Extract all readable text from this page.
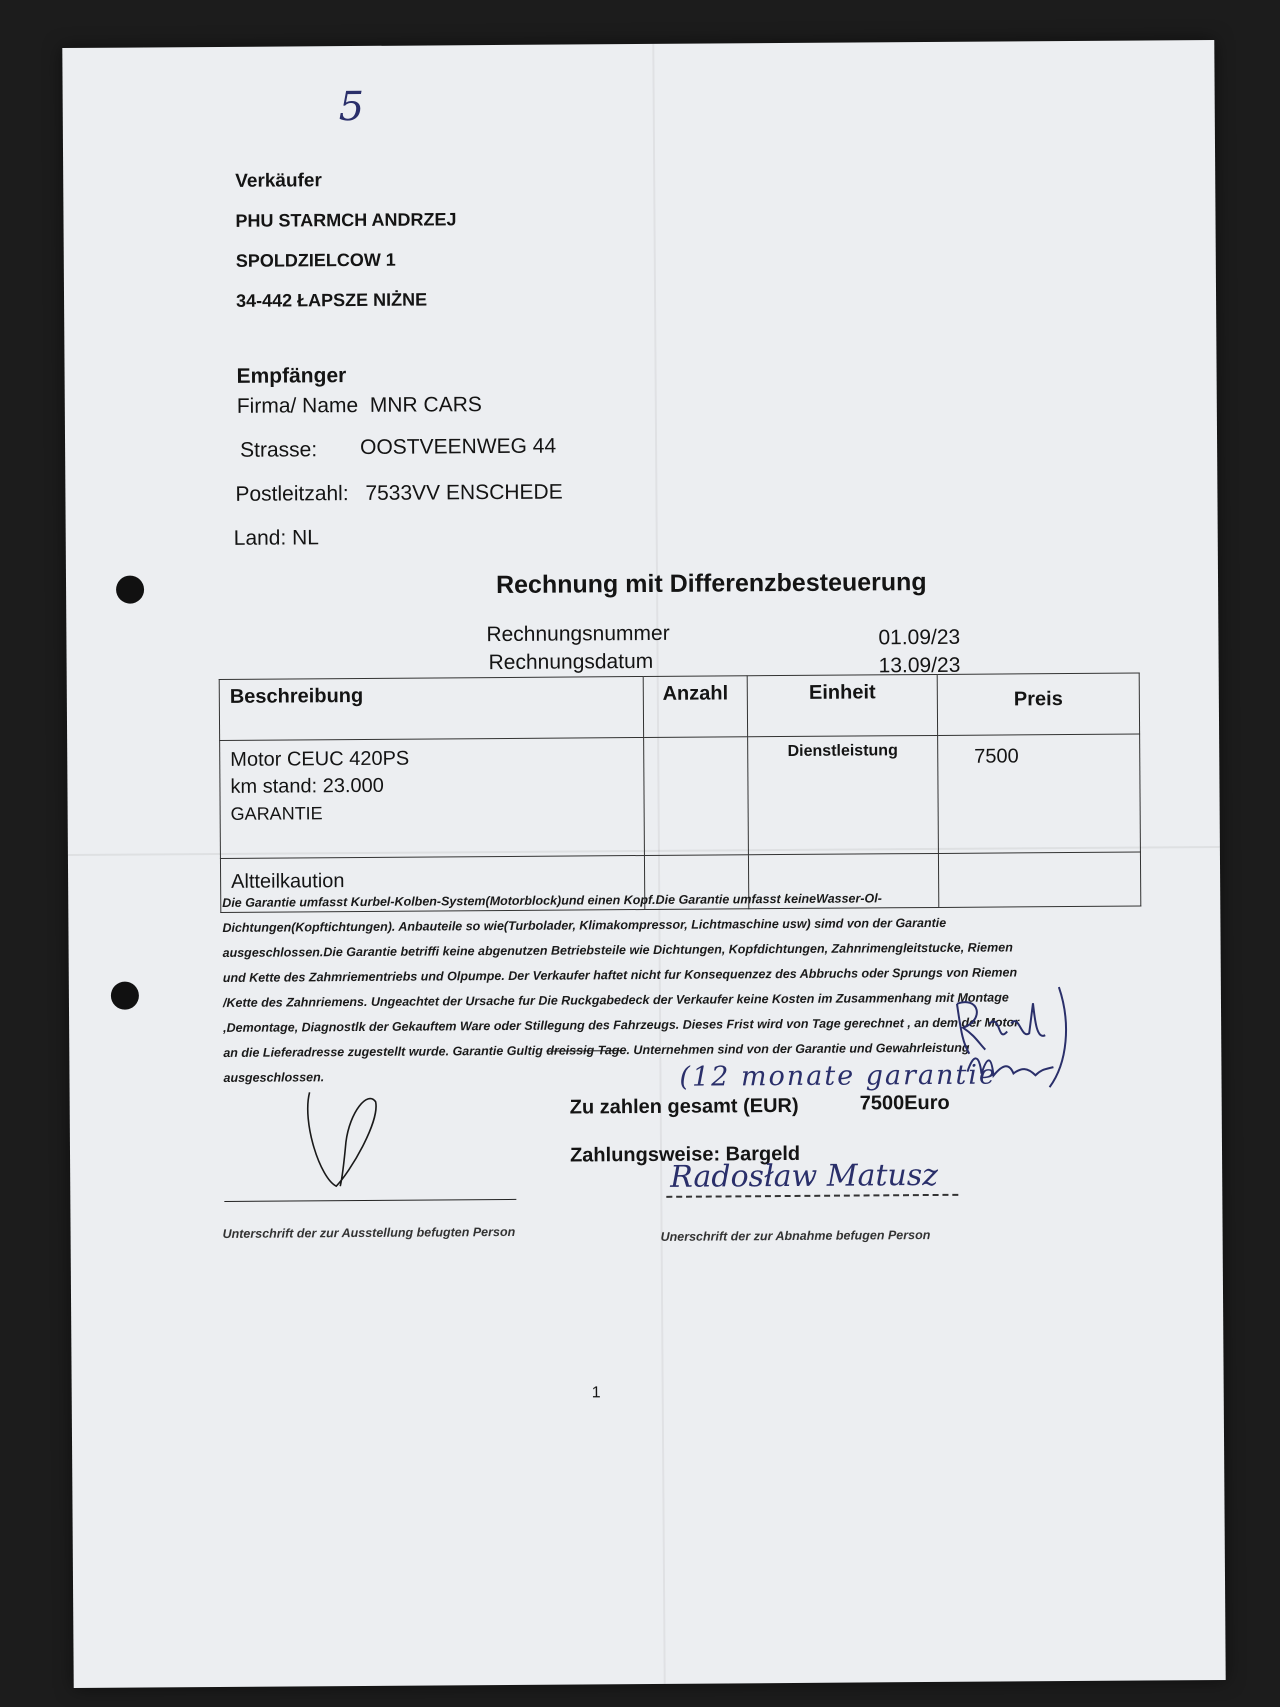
5
Verkäufer
PHU STARMCH ANDRZEJ
SPOLDZIELCOW 1
34-442 ŁAPSZE NIŻNE
Empfänger
Firma/ Name MNR CARS
Strasse: OOSTVEENWEG 44
Postleitzahl: 7533VV ENSCHEDE
Land: NL
Rechnung mit Differenzbesteuerung
Rechnungsnummer	01.09/23
Rechnungsdatum	13.09/23
Beschreibung	Anzahl	Einheit	Preis

Motor CEUC 420PS
km stand: 23.000
GARANTIE		Dienstleistung	7500
Altteilkaution			
Die Garantie umfasst Kurbel-Kolben-System(Motorblock)und einen Kopf.Die Garantie umfasst keineWasser-Ol-Dichtungen(Kopftichtungen). Anbauteile so wie(Turbolader, Klimakompressor, Lichtmaschine usw) simd von der Garantie ausgeschlossen.Die Garantie betriffi keine abgenutzen Betriebsteile wie Dichtungen, Kopfdichtungen, Zahnrimengleitstucke, Riemen und Kette des Zahmriementriebs und Olpumpe. Der Verkaufer haftet nicht fur Konsequenzez des Abbruchs oder Sprungs von Riemen /Kette des Zahnriemens. Ungeachtet der Ursache fur Die Ruckgabedeck der Verkaufer keine Kosten im Zusammenhang mit Montage ,Demontage, Diagnostlk der Gekauftem Ware oder Stillegung des Fahrzeugs. Dieses Frist wird von Tage gerechnet , an dem der Motor an die Lieferadresse zugestellt wurde. Garantie Gultig dreissig Tage. Unternehmen sind von der Garantie und Gewahrleistung ausgeschlossen.	(12 monate garantie
Zu zahlen gesamt (EUR)	7500Euro
Zahlungsweise: Bargeld
Unterschrift der zur Ausstellung befugten Person
Radosław Matusz
Unerschrift der zur Abnahme befugen Person
1
